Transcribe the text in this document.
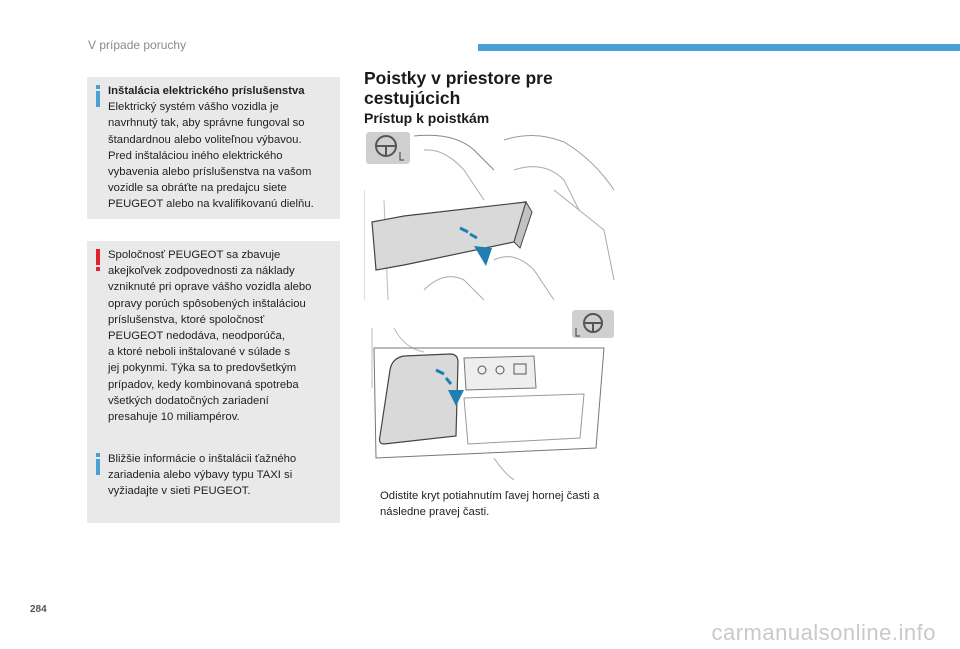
V prípade poruchy
Inštalácia elektrického príslušenstva
Elektrický systém vášho vozidla je
navrhnutý tak, aby správne fungoval so
štandardnou alebo voliteľnou výbavou.
Pred inštaláciou iného elektrického
vybavenia alebo príslušenstva na vašom
vozidle sa obráťte na predajcu siete
PEUGEOT alebo na kvalifikovanú dielňu.
Spoločnosť PEUGEOT sa zbavuje
akejkoľvek zodpovednosti za náklady
vzniknuté pri oprave vášho vozidla alebo
opravy porúch spôsobených inštaláciou
príslušenstva, ktoré spoločnosť
PEUGEOT nedodáva, neodporúča,
a ktoré neboli inštalované v súlade s
jej pokynmi. Týka sa to predovšetkým
prípadov, kedy kombinovaná spotreba
všetkých dodatočných zariadení
presahuje 10 miliampérov.
Bližšie informácie o inštalácii ťažného
zariadenia alebo výbavy typu TAXI si
vyžiadajte v sieti PEUGEOT.
Poistky v priestore pre
cestujúcich
Prístup k poistkám
Odistite kryt potiahnutím ľavej hornej časti a
následne pravej časti.
284
carmanualsonline.info
